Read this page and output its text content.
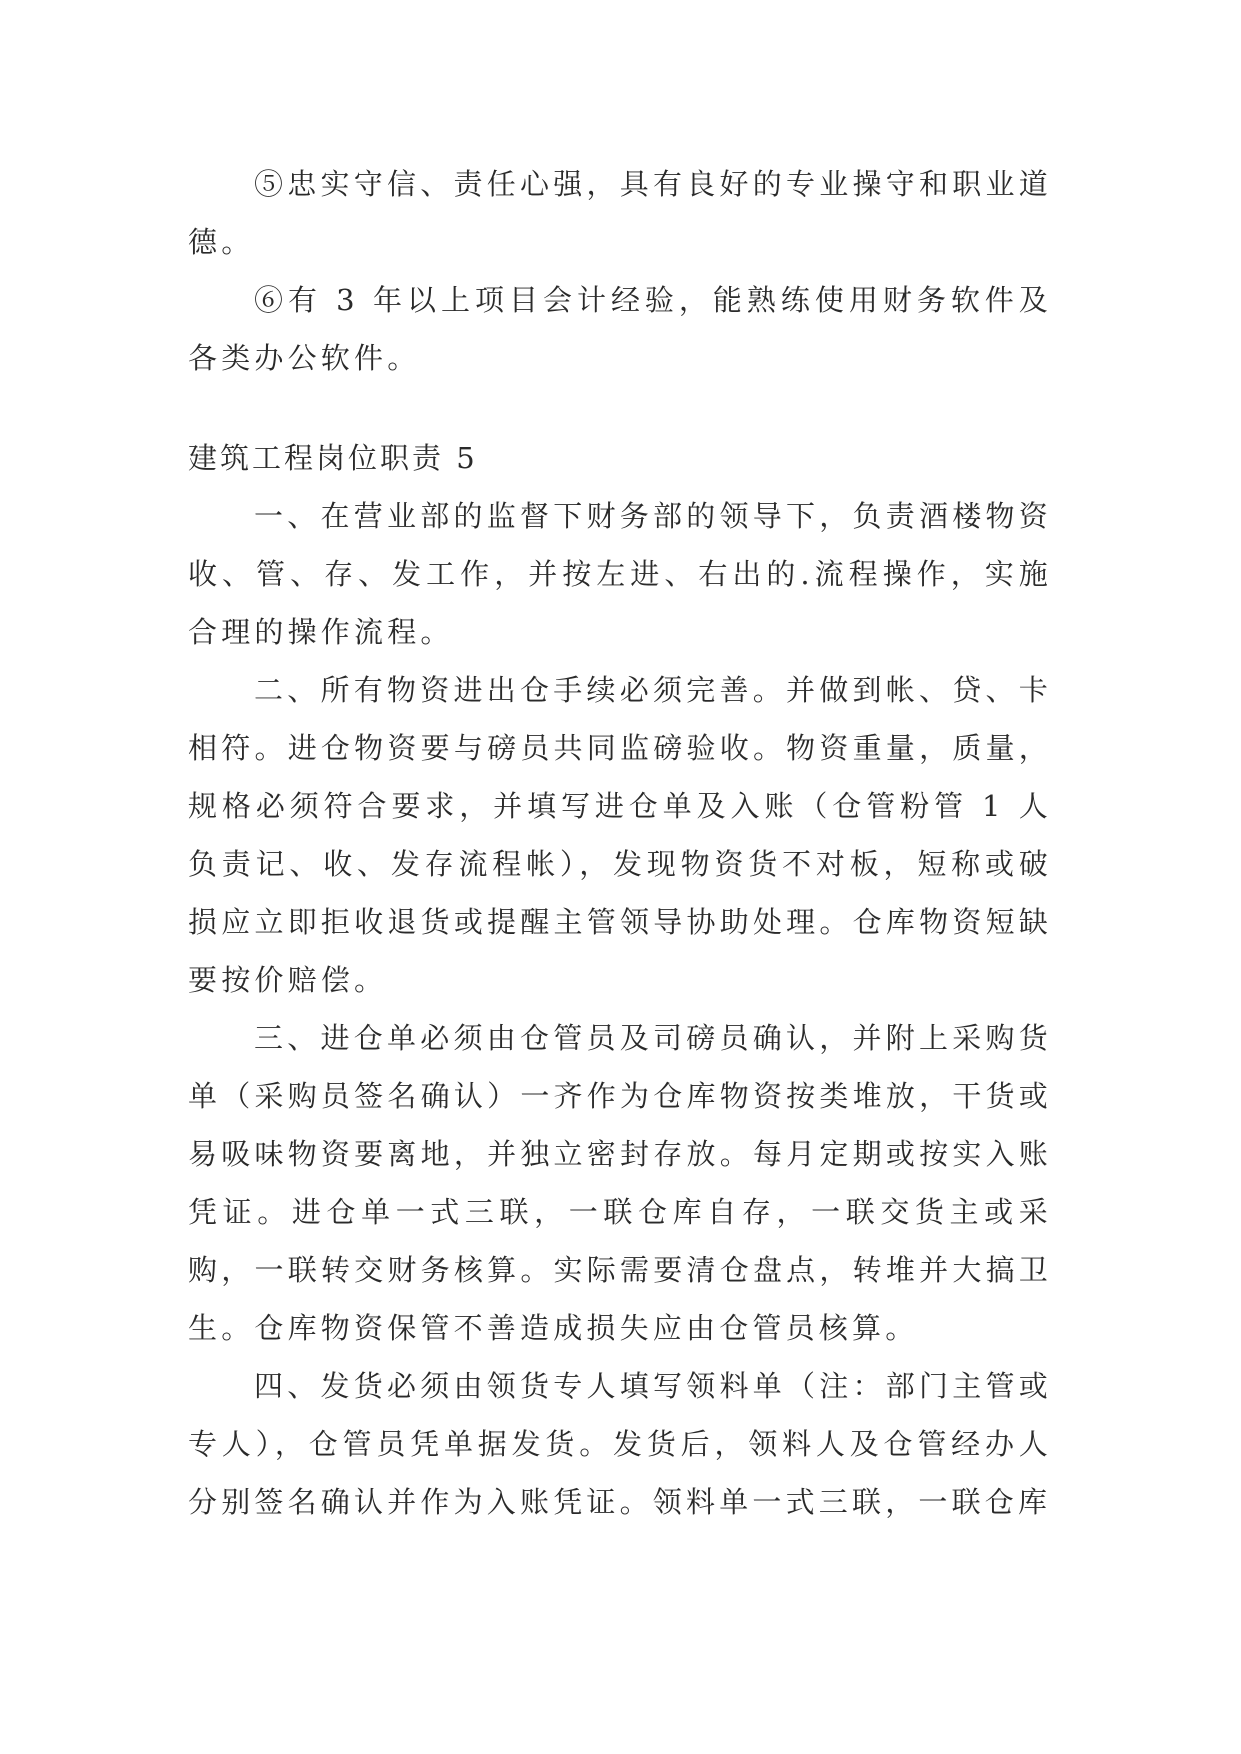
⑤忠实守信、责任心强，具有良好的专业操守和职业道德。

⑥有 3 年以上项目会计经验，能熟练使用财务软件及各类办公软件。

建筑工程岗位职责 5

一、在营业部的监督下财务部的领导下，负责酒楼物资收、管、存、发工作，并按左进、右出的.流程操作，实施合理的操作流程。

二、所有物资进出仓手续必须完善。并做到帐、贷、卡相符。进仓物资要与磅员共同监磅验收。物资重量，质量，规格必须符合要求，并填写进仓单及入账（仓管粉管 1 人负责记、收、发存流程帐），发现物资货不对板，短称或破损应立即拒收退货或提醒主管领导协助处理。仓库物资短缺要按价赔偿。

三、进仓单必须由仓管员及司磅员确认，并附上采购货单（采购员签名确认）一齐作为仓库物资按类堆放，干货或易吸味物资要离地，并独立密封存放。每月定期或按实入账凭证。进仓单一式三联，一联仓库自存，一联交货主或采购，一联转交财务核算。实际需要清仓盘点，转堆并大搞卫生。仓库物资保管不善造成损失应由仓管员核算。

四、发货必须由领货专人填写领料单（注：部门主管或专人），仓管员凭单据发货。发货后，领料人及仓管经办人分别签名确认并作为入账凭证。领料单一式三联，一联仓库
